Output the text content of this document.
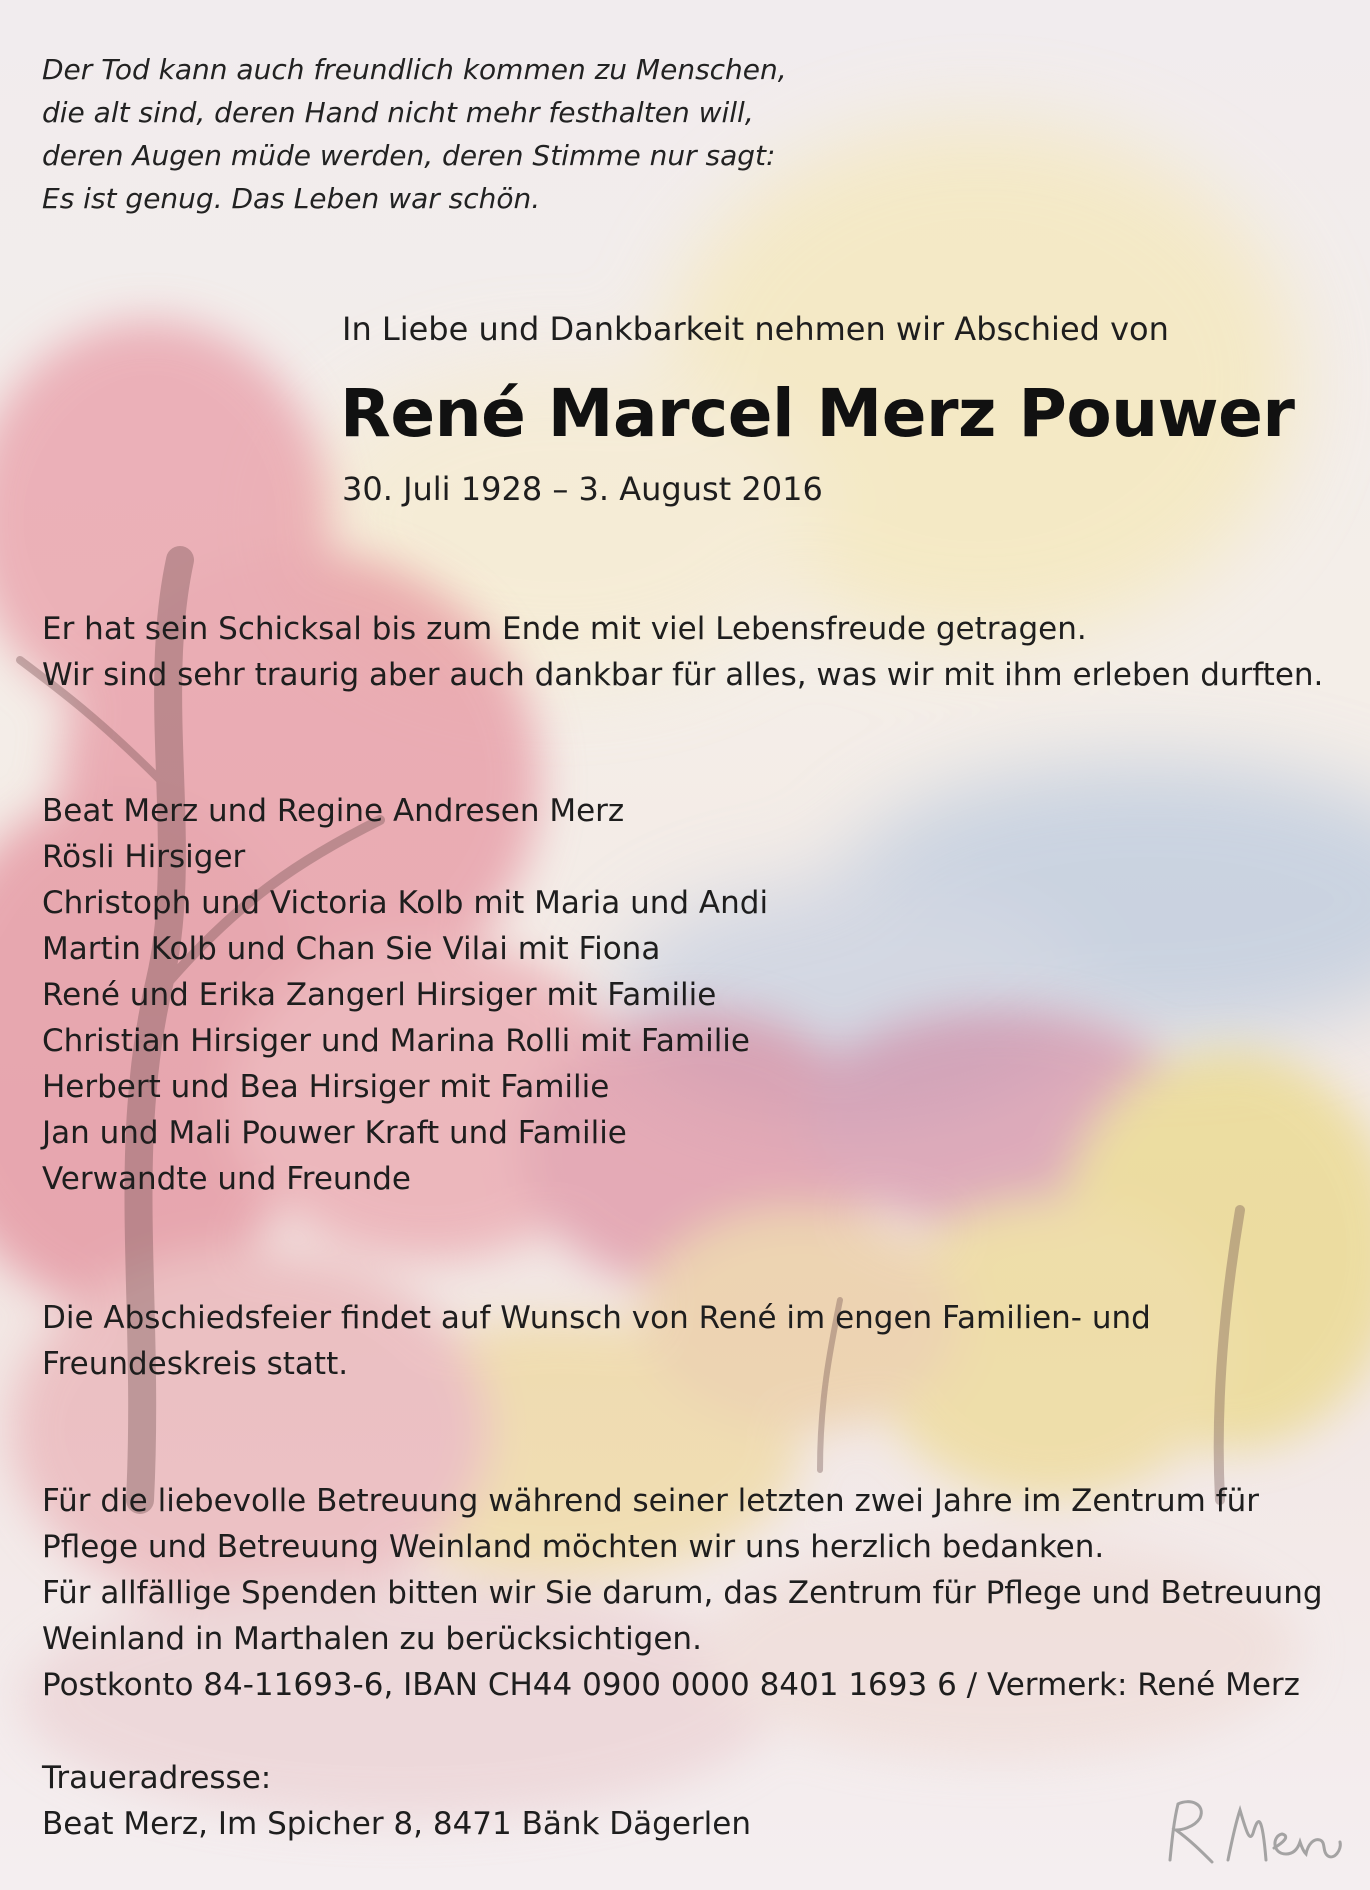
Der Tod kann auch freundlich kommen zu Menschen,
die alt sind, deren Hand nicht mehr festhalten will,
deren Augen müde werden, deren Stimme nur sagt:
Es ist genug. Das Leben war schön.
In Liebe und Dankbarkeit nehmen wir Abschied von
René Marcel Merz Pouwer
30. Juli 1928 – 3. August 2016
Er hat sein Schicksal bis zum Ende mit viel Lebensfreude getragen.
Wir sind sehr traurig aber auch dankbar für alles, was wir mit ihm erleben durften.
Beat Merz und Regine Andresen Merz
Rösli Hirsiger
Christoph und Victoria Kolb mit Maria und Andi
Martin Kolb und Chan Sie Vilai mit Fiona
René und Erika Zangerl Hirsiger mit Familie
Christian Hirsiger und Marina Rolli mit Familie
Herbert und Bea Hirsiger mit Familie
Jan und Mali Pouwer Kraft und Familie
Verwandte und Freunde
Die Abschiedsfeier findet auf Wunsch von René im engen Familien- und
Freundeskreis statt.
Für die liebevolle Betreuung während seiner letzten zwei Jahre im Zentrum für
Pflege und Betreuung Weinland möchten wir uns herzlich bedanken.
Für allfällige Spenden bitten wir Sie darum, das Zentrum für Pflege und Betreuung
Weinland in Marthalen zu berücksichtigen.
Postkonto 84-11693-6, IBAN CH44 0900 0000 8401 1693 6 / Vermerk: René Merz
Traueradresse:
Beat Merz, Im Spicher 8, 8471 Bänk Dägerlen
